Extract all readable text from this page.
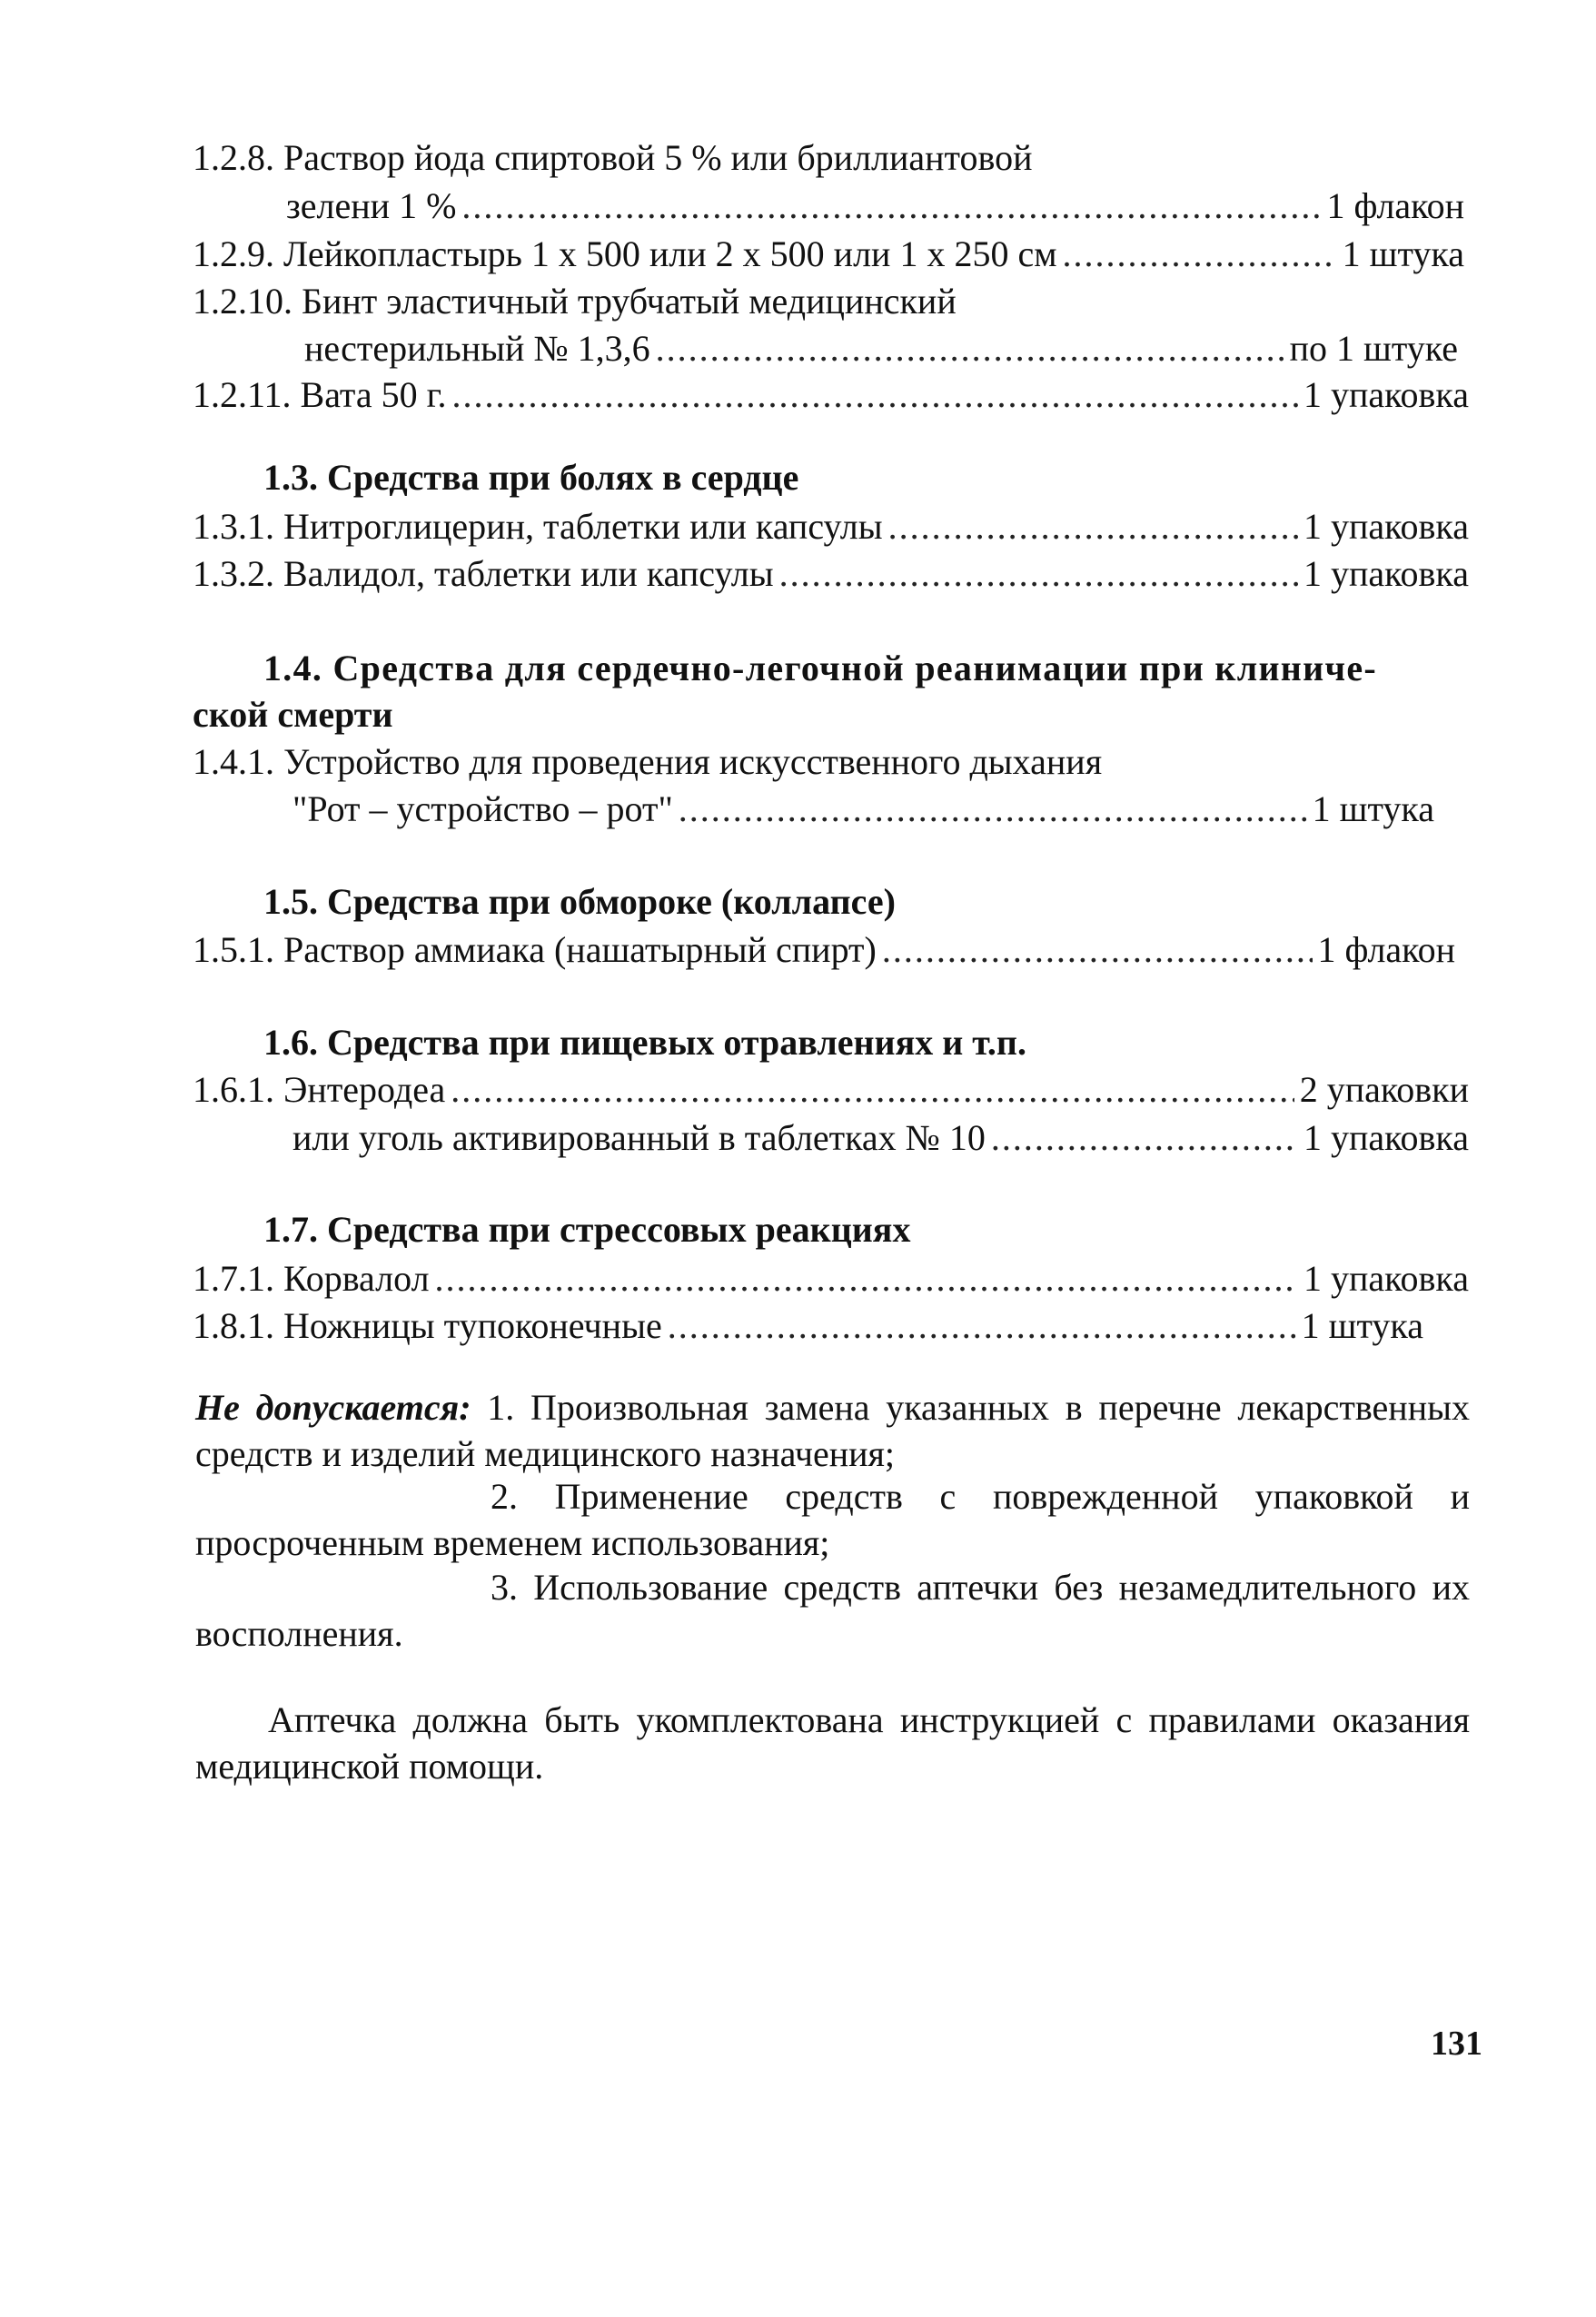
1.2.8. Раствор йода спиртовой 5 % или бриллиантовой
зелени 1 % .....	1 флакон
1.2.9. Лейкопластырь 1 х 500 или 2 х 500 или 1 х 250 см .....	1 штука
1.2.10. Бинт эластичный трубчатый медицинский
нестерильный № 1,3,6 .....	по 1 штуке
1.2.11. Вата 50 г. .....	1 упаковка
1.3. Средства при болях в сердце
1.3.1. Нитроглицерин, таблетки или капсулы .....	1 упаковка
1.3.2. Валидол, таблетки или капсулы .....	1 упаковка
1.4. Средства для сердечно-легочной реанимации при клиниче-
ской смерти
1.4.1. Устройство для проведения искусственного дыхания
"Рот – устройство – рот" .....	1 штука
1.5. Средства при обмороке (коллапсе)
1.5.1. Раствор аммиака (нашатырный спирт) .....	1 флакон
1.6. Средства при пищевых отравлениях и т.п.
1.6.1. Энтеродеа .....	2 упаковки
или уголь активированный в таблетках № 10 .....	1 упаковка
1.7. Средства при стрессовых реакциях
1.7.1. Корвалол .....	1 упаковка
1.8.1. Ножницы тупоконечные .....	1 штука
Не допускается: 1. Произвольная замена указанных в перечне лекарственных средств и изделий медицинского назначения;
2. Применение средств с поврежденной упаковкой и просроченным временем использования;
3. Использование средств аптечки без незамедлительного их восполнения.
Аптечка должна быть укомплектована инструкцией с правилами оказания медицинской помощи.
131
